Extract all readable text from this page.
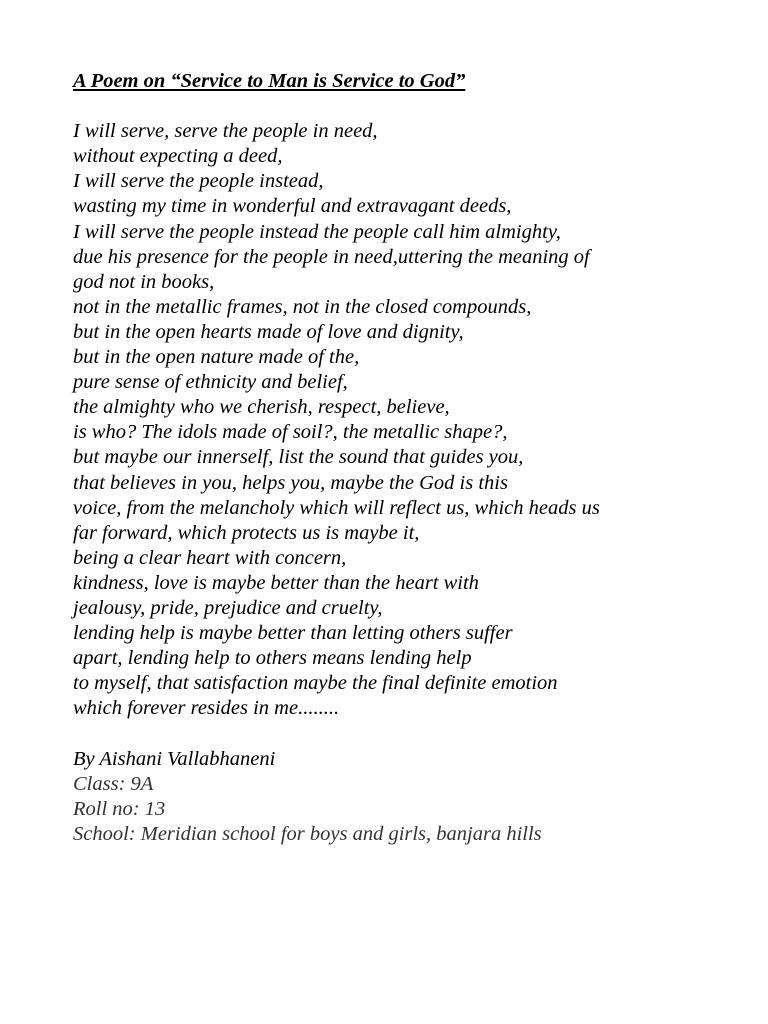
A Poem on “Service to Man is Service to God”
I will serve, serve the people in need,
without expecting a deed,
I will serve the people instead,
wasting my time in wonderful and extravagant deeds,
I will serve the people instead the people call him almighty,
due his presence for the people in need,uttering the meaning of
god not in books,
not in the metallic frames, not in the closed compounds,
but in the open hearts made of love and dignity,
but in the open nature made of the,
pure sense of ethnicity and belief,
the almighty who we cherish, respect, believe,
is who? The idols made of soil?, the metallic shape?,
but maybe our innerself, list the sound that guides you,
that believes in you, helps you, maybe the God is this
voice, from the melancholy which will reflect us, which heads us
far forward, which protects us is maybe it,
being a clear heart with concern,
kindness, love is maybe better than the heart with
jealousy, pride, prejudice and cruelty,
lending help is maybe better than letting others suffer
apart, lending help to others means lending help
to myself, that satisfaction maybe the final definite emotion
which forever resides in me........
By Aishani Vallabhaneni
Class: 9A
Roll no: 13
School: Meridian school for boys and girls, banjara hills
